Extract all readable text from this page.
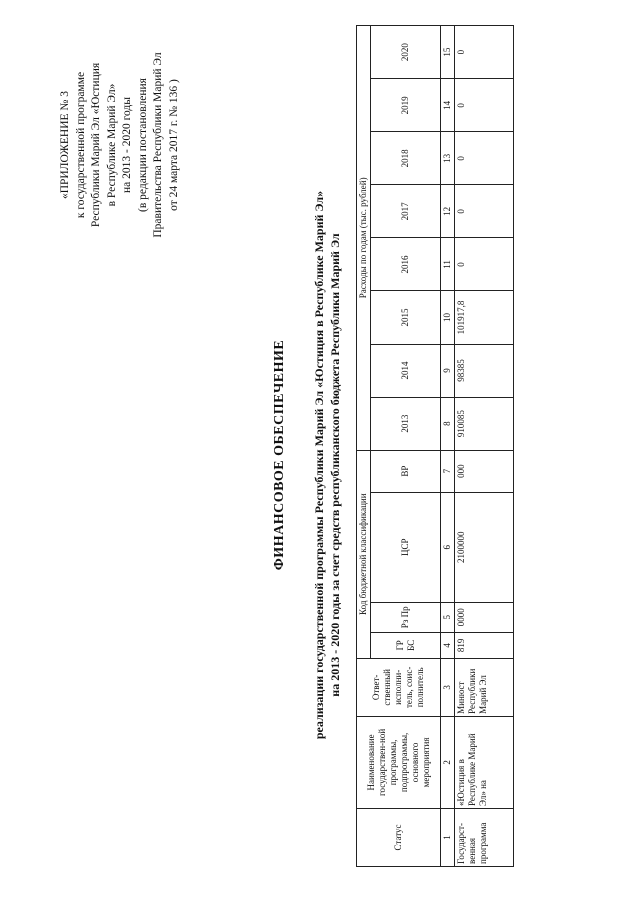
«ПРИЛОЖЕНИЕ № 3 к государственной программе Республики Марий Эл «Юстиция в Республике Марий Эл» на 2013 - 2020 годы (в редакции постановления Правительства Республики Марий Эл от 24 марта 2017 г. № 136 )
ФИНАНСОВОЕ ОБЕСПЕЧЕНИЕ реализации государственной программы Республики Марий Эл «Юстиция в Республике Марий Эл» на 2013 - 2020 годы за счет средств республиканского бюджета Республики Марий Эл
Статус	Наименование государствен-ной программы, подпрограммы, основного мероприятия	Ответ-ственный исполни-тель, соис-полнитель	Код бюджетной классификации				Расходы по годам (тыс. рублей)							
			ГР БС	Рз Пр	ЦСР	ВР	2013	2014	2015	2016	2017	2018	2019	2020
1	2	3	4	5	6	7	8	9	10	11	12	13	14	15
Государст-венная программа	«Юстиция в Республике Марий Эл» на	Минюст Республики Марий Эл	819	0000	2100000	000	910085	98385	101917,8	0	0	0	0	0
